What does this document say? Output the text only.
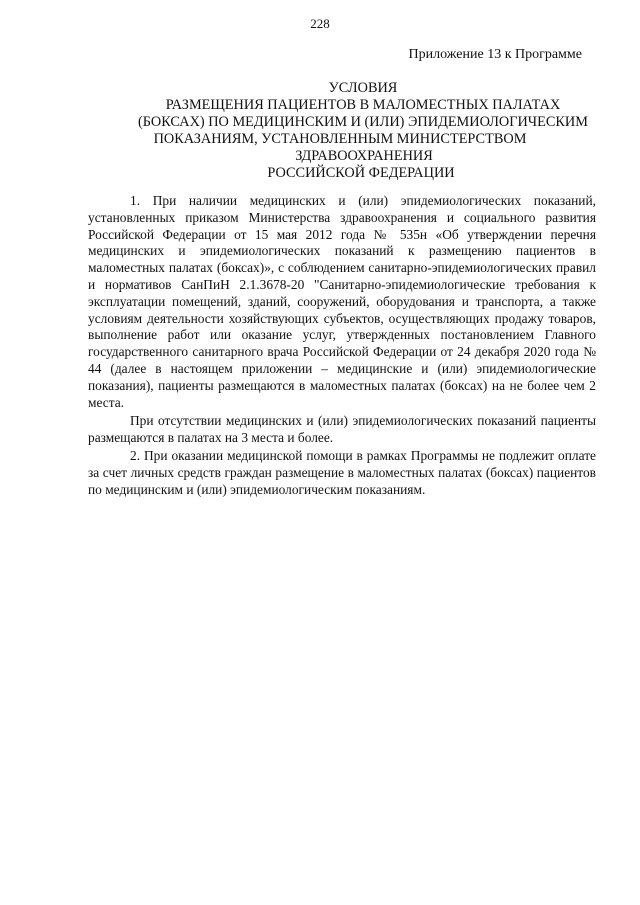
228
Приложение 13 к Программе
УСЛОВИЯ
РАЗМЕЩЕНИЯ ПАЦИЕНТОВ В МАЛОМЕСТНЫХ ПАЛАТАХ
(БОКСАХ) ПО МЕДИЦИНСКИМ И (ИЛИ) ЭПИДЕМИОЛОГИЧЕСКИМ
ПОКАЗАНИЯМ, УСТАНОВЛЕННЫМ МИНИСТЕРСТВОМ
ЗДРАВООХРАНЕНИЯ
РОССИЙСКОЙ ФЕДЕРАЦИИ

1. При наличии медицинских и (или) эпидемиологических показаний, установленных приказом Министерства здравоохранения и социального развития Российской Федерации от 15 мая 2012 года № 535н «Об утверждении перечня медицинских и эпидемиологических показаний к размещению пациентов в маломестных палатах (боксах)», с соблюдением санитарно-эпидемиологических правил и нормативов СанПиН 2.1.3678-20 "Санитарно-эпидемиологические требования к эксплуатации помещений, зданий, сооружений, оборудования и транспорта, а также условиям деятельности хозяйствующих субъектов, осуществляющих продажу товаров, выполнение работ или оказание услуг, утвержденных постановлением Главного государственного санитарного врача Российской Федерации от 24 декабря 2020 года № 44 (далее в настоящем приложении – медицинские и (или) эпидемиологические показания), пациенты размещаются в маломестных палатах (боксах) на не более чем 2 места.

При отсутствии медицинских и (или) эпидемиологических показаний пациенты размещаются в палатах на 3 места и более.

2. При оказании медицинской помощи в рамках Программы не подлежит оплате за счет личных средств граждан размещение в маломестных палатах (боксах) пациентов по медицинским и (или) эпидемиологическим показаниям.
